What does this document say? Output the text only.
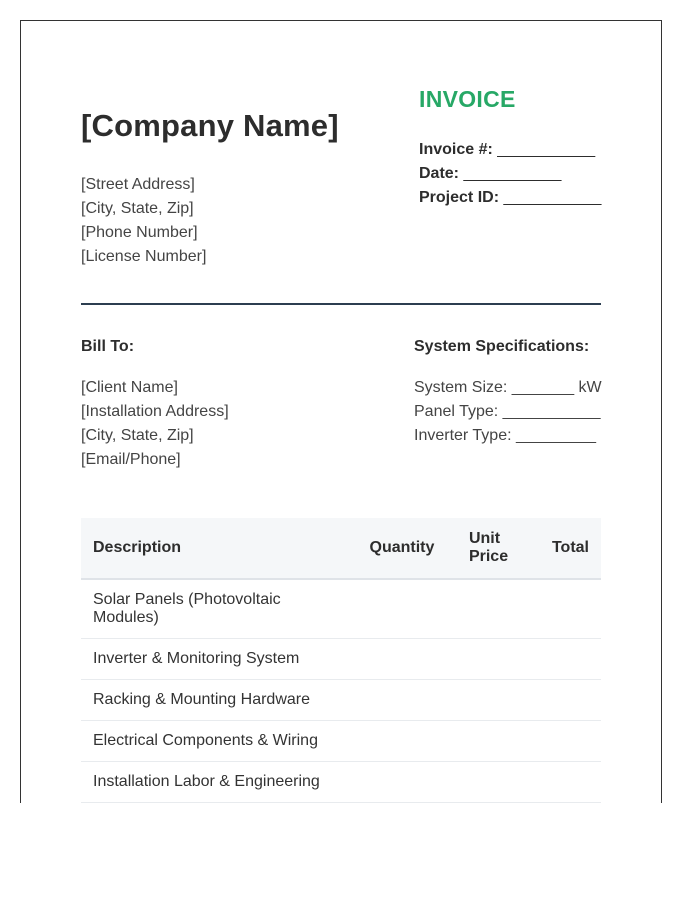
[Company Name]
[Street Address]
[City, State, Zip]
[Phone Number]
[License Number]
INVOICE
Invoice #: ___________
Date: ___________
Project ID: ___________
Bill To:
[Client Name]
[Installation Address]
[City, State, Zip]
[Email/Phone]
System Specifications:
System Size: _______ kW
Panel Type: ___________
Inverter Type: _________
Description	Quantity	Unit Price	Total
Solar Panels (Photovoltaic Modules)			
Inverter & Monitoring System			
Racking & Mounting Hardware			
Electrical Components & Wiring			
Installation Labor & Engineering			
